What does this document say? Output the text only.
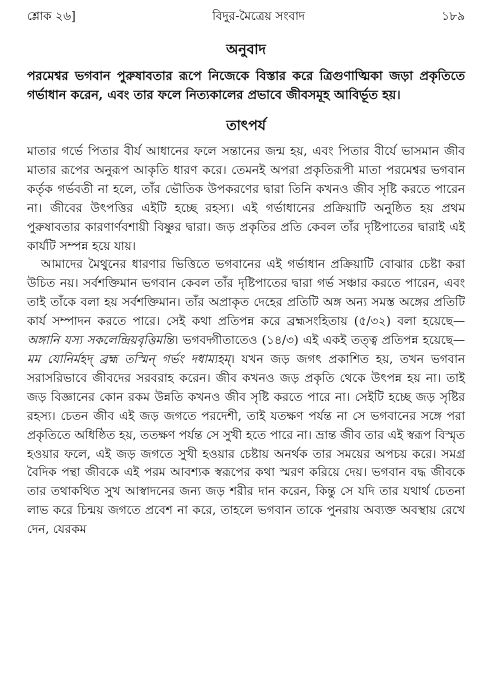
শ্লোক ২৬]	বিদুর-মৈত্রেয় সংবাদ	১৮৯
অনুবাদ

পরমেশ্বর ভগবান পুরুষাবতার রূপে নিজেকে বিস্তার করে ত্রিগুণাত্মিকা জড়া প্রকৃতিতে গর্ভাধান করেন, এবং তার ফলে নিত্যকালের প্রভাবে জীবসমূহ আবির্ভূত হয়।

তাৎপর্য

মাতার গর্ভে পিতার বীর্য আধানের ফলে সন্তানের জন্ম হয়, এবং পিতার বীর্যে ভাসমান জীব মাতার রূপের অনুরূপ আকৃতি ধারণ করে। তেমনই অপরা প্রকৃতিরূপী মাতা পরমেশ্বর ভগবান কর্তৃক গর্ভবতী না হলে, তাঁর ভৌতিক উপকরণের দ্বারা তিনি কখনও জীব সৃষ্টি করতে পারেন না। জীবের উৎপত্তির এইটি হচ্ছে রহস্য। এই গর্ভাধানের প্রক্রিয়াটি অনুষ্ঠিত হয় প্রথম পুরুষাবতার কারণার্ণবশায়ী বিষ্ণুর দ্বারা। জড় প্রকৃতির প্রতি কেবল তাঁর দৃষ্টিপাতের দ্বারাই এই কার্যটি সম্পন্ন হয়ে যায়।

আমাদের মৈথুনের ধারণার ভিত্তিতে ভগবানের এই গর্ভাধান প্রক্রিয়াটি বোঝার চেষ্টা করা উচিত নয়। সর্বশক্তিমান ভগবান কেবল তাঁর দৃষ্টিপাতের দ্বারা গর্ভ সঞ্চার করতে পারেন, এবং তাই তাঁকে বলা হয় সর্বশক্তিমান। তাঁর অপ্রাকৃত দেহের প্রতিটি অঙ্গ অন্য সমস্ত অঙ্গের প্রতিটি কার্য সম্পাদন করতে পারে। সেই কথা প্রতিপন্ন করে ব্রহ্মসংহিতায় (৫/৩২) বলা হয়েছে—অঙ্গানি যস্য সকলেন্দ্রিয়বৃত্তিমন্তি। ভগবদ্গীতাতেও (১৪/৩) এই একই তত্ত্ব প্রতিপন্ন হয়েছে—মম যোনির্মহদ্ ব্রহ্ম তস্মিন্ গর্ভং দধাম্যহম্। যখন জড় জগৎ প্রকাশিত হয়, তখন ভগবান সরাসরিভাবে জীবদের সরবরাহ করেন। জীব কখনও জড় প্রকৃতি থেকে উৎপন্ন হয় না। তাই জড় বিজ্ঞানের কোন রকম উন্নতি কখনও জীব সৃষ্টি করতে পারে না। সেইটি হচ্ছে জড় সৃষ্টির রহস্য। চেতন জীব এই জড় জগতে পরদেশী, তাই যতক্ষণ পর্যন্ত না সে ভগবানের সঙ্গে পরা প্রকৃতিতে অধিষ্ঠিত হয়, ততক্ষণ পর্যন্ত সে সুখী হতে পারে না। ভ্রান্ত জীব তার এই স্বরূপ বিস্মৃত হওয়ার ফলে, এই জড় জগতে সুখী হওয়ার চেষ্টায় অনর্থক তার সময়ের অপচয় করে। সমগ্র বৈদিক পন্থা জীবকে এই পরম আবশ্যক স্বরূপের কথা স্মরণ করিয়ে দেয়। ভগবান বদ্ধ জীবকে তার তথাকথিত সুখ আস্বাদনের জন্য জড় শরীর দান করেন, কিন্তু সে যদি তার যথার্থ চেতনা লাভ করে চিন্ময় জগতে প্রবেশ না করে, তাহলে ভগবান তাকে পুনরায় অব্যক্ত অবস্থায় রেখে দেন, যেরকম
